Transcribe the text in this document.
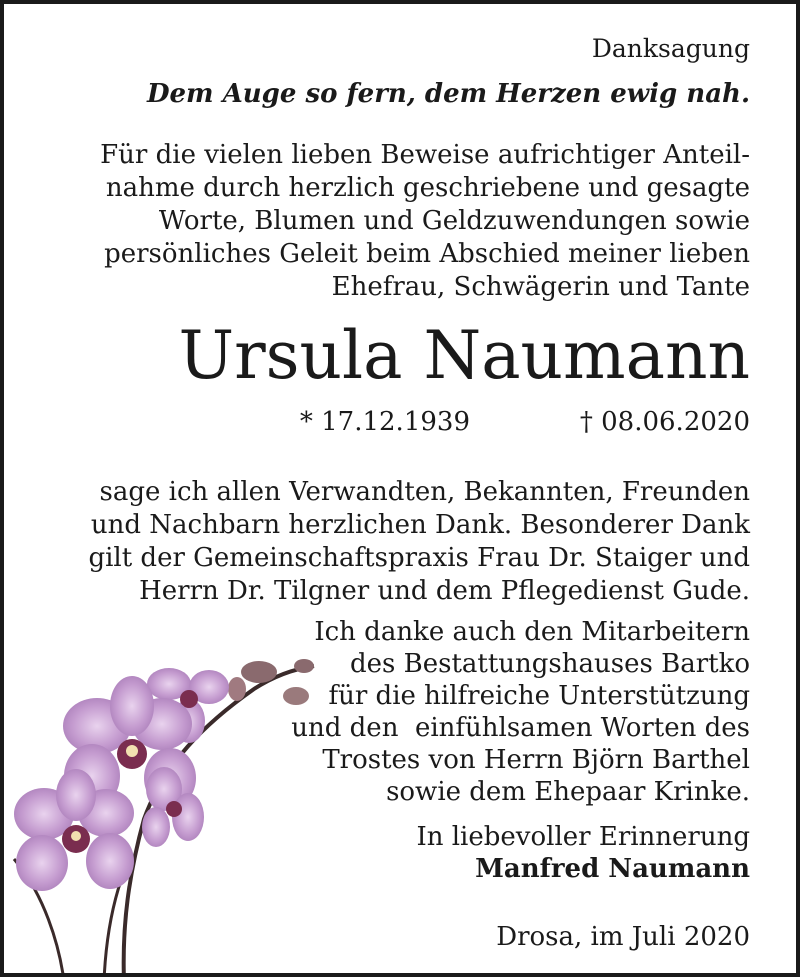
Danksagung
Dem Auge so fern, dem Herzen ewig nah.
Für die vielen lieben Beweise aufrichtiger Anteil-
nahme durch herzlich geschriebene und gesagte
Worte, Blumen und Geldzuwendungen sowie
persönliches Geleit beim Abschied meiner lieben
Ehefrau, Schwägerin und Tante
Ursula Naumann
* 17.12.1939	† 08.06.2020
sage ich allen Verwandten, Bekannten, Freunden
und Nachbarn herzlichen Dank. Besonderer Dank
gilt der Gemeinschaftspraxis Frau Dr. Staiger und
Herrn Dr. Tilgner und dem Pflegedienst Gude.
Ich danke auch den Mitarbeitern
des Bestattungshauses Bartko
für die hilfreiche Unterstützung
und den  einfühlsamen Worten des
Trostes von Herrn Björn Barthel
sowie dem Ehepaar Krinke.
In liebevoller Erinnerung
Manfred Naumann
Drosa, im Juli 2020
